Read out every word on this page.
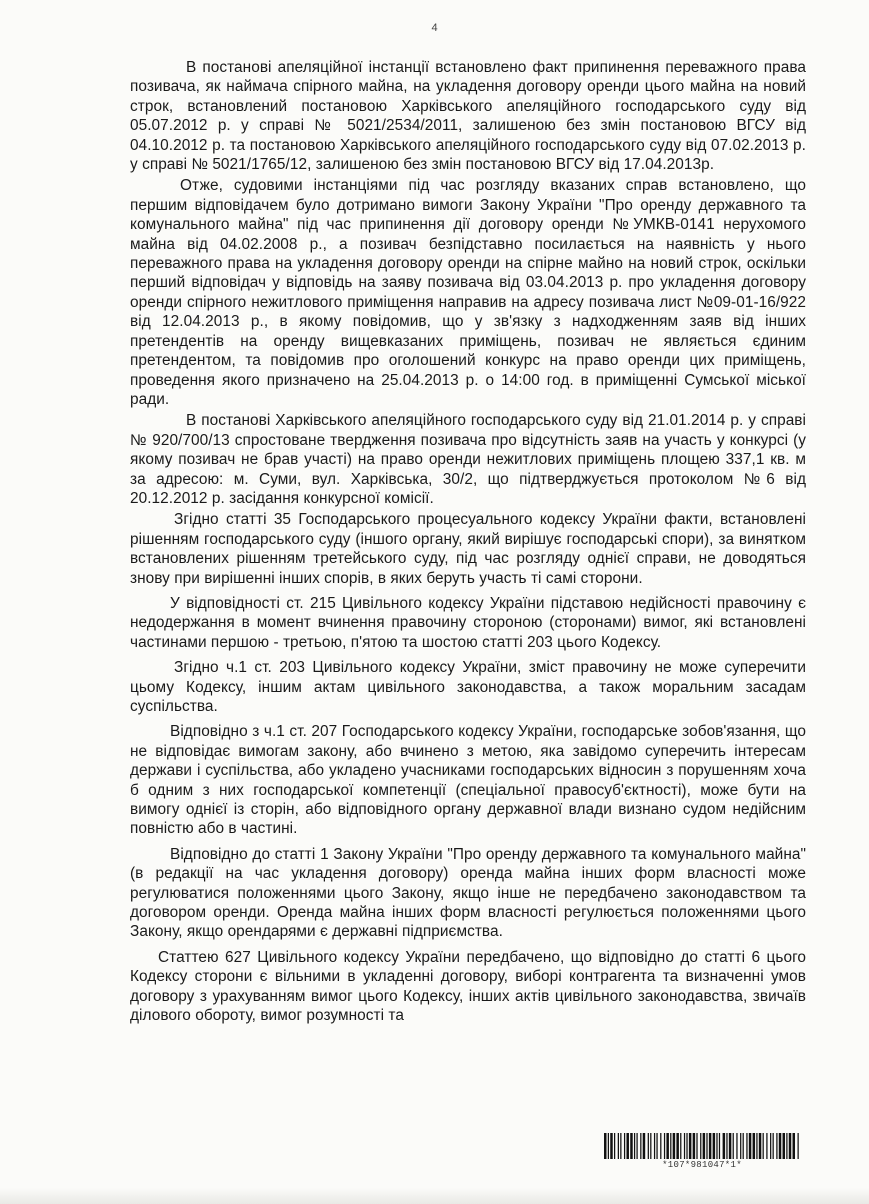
4

В постанові апеляційної інстанції встановлено факт припинення переважного права позивача, як наймача спірного майна, на укладення договору оренди цього майна на новий строк, встановлений постановою Харківського апеляційного господарського суду від 05.07.2012 р. у справі № 5021/2534/2011, залишеною без змін постановою ВГСУ від 04.10.2012 р. та постановою Харківського апеляційного господарського суду від 07.02.2013 р. у справі № 5021/1765/12, залишеною без змін постановою ВГСУ від 17.04.2013р.

Отже, судовими інстанціями під час розгляду вказаних справ встановлено, що першим відповідачем було дотримано вимоги Закону України "Про оренду державного та комунального майна" під час припинення дії договору оренди №УМКВ-0141 нерухомого майна від 04.02.2008 р., а позивач безпідставно посилається на наявність у нього переважного права на укладення договору оренди на спірне майно на новий строк, оскільки перший відповідач у відповідь на заяву позивача від 03.04.2013 р. про укладення договору оренди спірного нежитлового приміщення направив на адресу позивача лист №09-01-16/922 від 12.04.2013 р., в якому повідомив, що у зв'язку з надходженням заяв від інших претендентів на оренду вищевказаних приміщень, позивач не являється єдиним претендентом, та повідомив про оголошений конкурс на право оренди цих приміщень, проведення якого призначено на 25.04.2013 р. о 14:00 год. в приміщенні Сумської міської ради.

В постанові Харківського апеляційного господарського суду від 21.01.2014 р. у справі № 920/700/13 спростоване твердження позивача про відсутність заяв на участь у конкурсі (у якому позивач не брав участі) на право оренди нежитлових приміщень площею 337,1 кв. м за адресою: м. Суми, вул. Харківська, 30/2, що підтверджується протоколом №6 від 20.12.2012 р. засідання конкурсної комісії.

Згідно статті 35 Господарського процесуального кодексу України факти, встановлені рішенням господарського суду (іншого органу, який вирішує господарські спори), за винятком встановлених рішенням третейського суду, під час розгляду однієї справи, не доводяться знову при вирішенні інших спорів, в яких беруть участь ті самі сторони.

У відповідності ст. 215 Цивільного кодексу України підставою недійсності правочину є недодержання в момент вчинення правочину стороною (сторонами) вимог, які встановлені частинами першою - третьою, п'ятою та шостою статті 203 цього Кодексу.

Згідно ч.1 ст. 203 Цивільного кодексу України, зміст правочину не може суперечити цьому Кодексу, іншим актам цивільного законодавства, а також моральним засадам суспільства.

Відповідно з ч.1 ст. 207 Господарського кодексу України, господарське зобов'язання, що не відповідає вимогам закону, або вчинено з метою, яка завідомо суперечить інтересам держави і суспільства, або укладено учасниками господарських відносин з порушенням хоча б одним з них господарської компетенції (спеціальної правосуб'єктності), може бути на вимогу однієї із сторін, або відповідного органу державної влади визнано судом недійсним повністю або в частині.

Відповідно до статті 1 Закону України "Про оренду державного та комунального майна" (в редакції на час укладення договору) оренда майна інших форм власності може регулюватися положеннями цього Закону, якщо інше не передбачено законодавством та договором оренди. Оренда майна інших форм власності регулюється положеннями цього Закону, якщо орендарями є державні підприємства.

Статтею 627 Цивільного кодексу України передбачено, що відповідно до статті 6 цього Кодексу сторони є вільними в укладенні договору, виборі контрагента та визначенні умов договору з урахуванням вимог цього Кодексу, інших актів цивільного законодавства, звичаїв ділового обороту, вимог розумності та

*107*981047*1*
